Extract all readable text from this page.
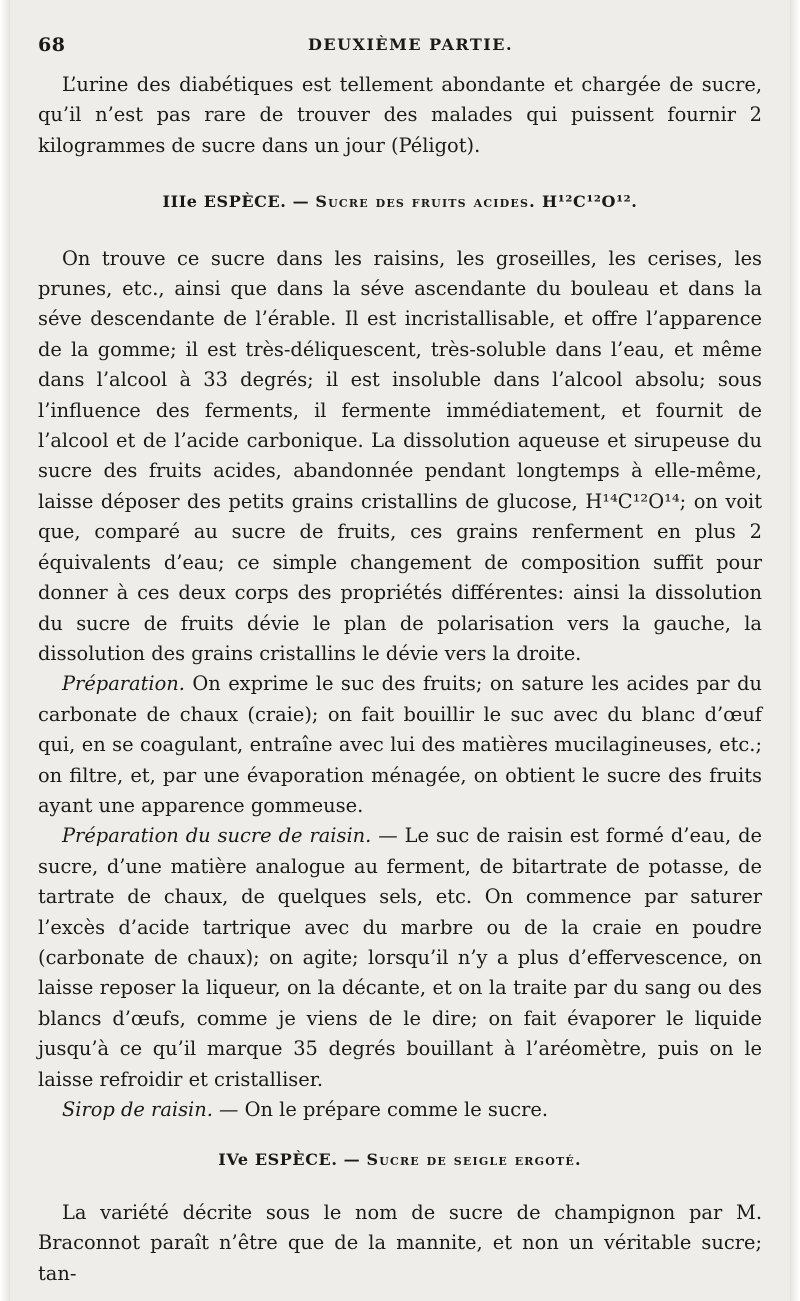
68	DEUXIÈME PARTIE.

L’urine des diabétiques est tellement abondante et chargée de sucre, qu’il n’est pas rare de trouver des malades qui puissent fournir 2 kilogrammes de sucre dans un jour (Péligot).

IIIe ESPÈCE. — Sucre des fruits acides. H¹²C¹²O¹².

On trouve ce sucre dans les raisins, les groseilles, les cerises, les prunes, etc., ainsi que dans la séve ascendante du bouleau et dans la séve descendante de l’érable. Il est incristallisable, et offre l’apparence de la gomme; il est très-déliquescent, très-soluble dans l’eau, et même dans l’alcool à 33 degrés; il est insoluble dans l’alcool absolu; sous l’influence des ferments, il fermente immédiatement, et fournit de l’alcool et de l’acide carbonique. La dissolution aqueuse et sirupeuse du sucre des fruits acides, abandonnée pendant longtemps à elle-même, laisse déposer des petits grains cristallins de glucose, H¹⁴C¹²O¹⁴; on voit que, comparé au sucre de fruits, ces grains renferment en plus 2 équivalents d’eau; ce simple changement de composition suffit pour donner à ces deux corps des propriétés différentes: ainsi la dissolution du sucre de fruits dévie le plan de polarisation vers la gauche, la dissolution des grains cristallins le dévie vers la droite.

Préparation. On exprime le suc des fruits; on sature les acides par du carbonate de chaux (craie); on fait bouillir le suc avec du blanc d’œuf qui, en se coagulant, entraîne avec lui des matières mucilagineuses, etc.; on filtre, et, par une évaporation ménagée, on obtient le sucre des fruits ayant une apparence gommeuse.

Préparation du sucre de raisin. — Le suc de raisin est formé d’eau, de sucre, d’une matière analogue au ferment, de bitartrate de potasse, de tartrate de chaux, de quelques sels, etc. On commence par saturer l’excès d’acide tartrique avec du marbre ou de la craie en poudre (carbonate de chaux); on agite; lorsqu’il n’y a plus d’effervescence, on laisse reposer la liqueur, on la décante, et on la traite par du sang ou des blancs d’œufs, comme je viens de le dire; on fait évaporer le liquide jusqu’à ce qu’il marque 35 degrés bouillant à l’aréomètre, puis on le laisse refroidir et cristalliser.

Sirop de raisin. — On le prépare comme le sucre.

IVe ESPÈCE. — Sucre de seigle ergoté.

La variété décrite sous le nom de sucre de champignon par M. Braconnot paraît n’être que de la mannite, et non un véritable sucre; tan-
